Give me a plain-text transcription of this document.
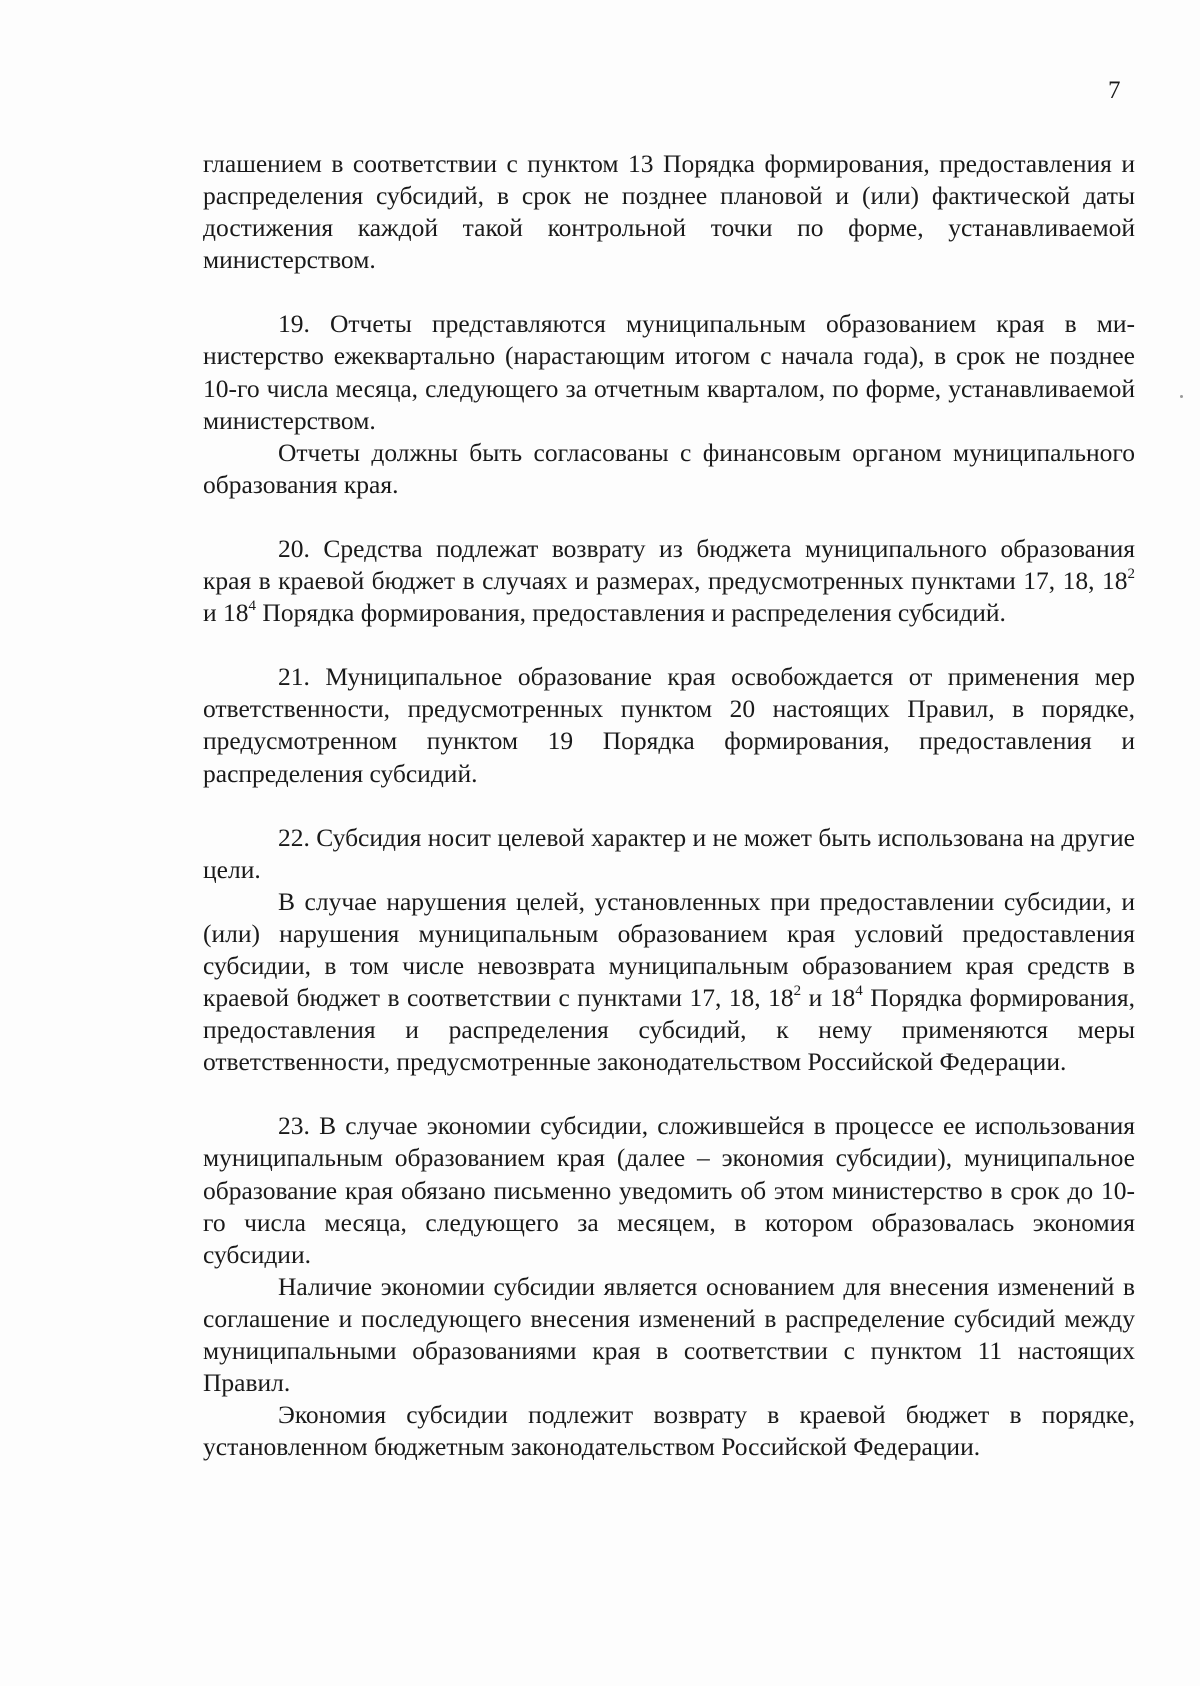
7

глашением в соответствии с пунктом 13 Порядка формирования, предоставления и распределения субсидий, в срок не позднее плановой и (или) фактической даты достижения каждой такой контрольной точки по форме, устанавливаемой министерством.

19. Отчеты представляются муниципальным образованием края в министерство ежеквартально (нарастающим итогом с начала года), в срок не позднее 10-го числа месяца, следующего за отчетным кварталом, по форме, устанавливаемой министерством.

Отчеты должны быть согласованы с финансовым органом муниципального образования края.

20. Средства подлежат возврату из бюджета муниципального образования края в краевой бюджет в случаях и размерах, предусмотренных пунктами 17, 18, $18^2$ и $18^4$ Порядка формирования, предоставления и распределения субсидий.

21. Муниципальное образование края освобождается от применения мер ответственности, предусмотренных пунктом 20 настоящих Правил, в порядке, предусмотренном пунктом 19 Порядка формирования, предоставления и распределения субсидий.

22. Субсидия носит целевой характер и не может быть использована на другие цели.

В случае нарушения целей, установленных при предоставлении субсидии, и (или) нарушения муниципальным образованием края условий предоставления субсидии, в том числе невозврата муниципальным образованием края средств в краевой бюджет в соответствии с пунктами 17, 18, $18^2$ и $18^4$ Порядка формирования, предоставления и распределения субсидий, к нему применяются меры ответственности, предусмотренные законодательством Российской Федерации.

23. В случае экономии субсидии, сложившейся в процессе ее использования муниципальным образованием края (далее – экономия субсидии), муниципальное образование края обязано письменно уведомить об этом министерство в срок до 10-го числа месяца, следующего за месяцем, в котором образовалась экономия субсидии.

Наличие экономии субсидии является основанием для внесения изменений в соглашение и последующего внесения изменений в распределение субсидий между муниципальными образованиями края в соответствии с пунктом 11 настоящих Правил.

Экономия субсидии подлежит возврату в краевой бюджет в порядке, установленном бюджетным законодательством Российской Федерации.
